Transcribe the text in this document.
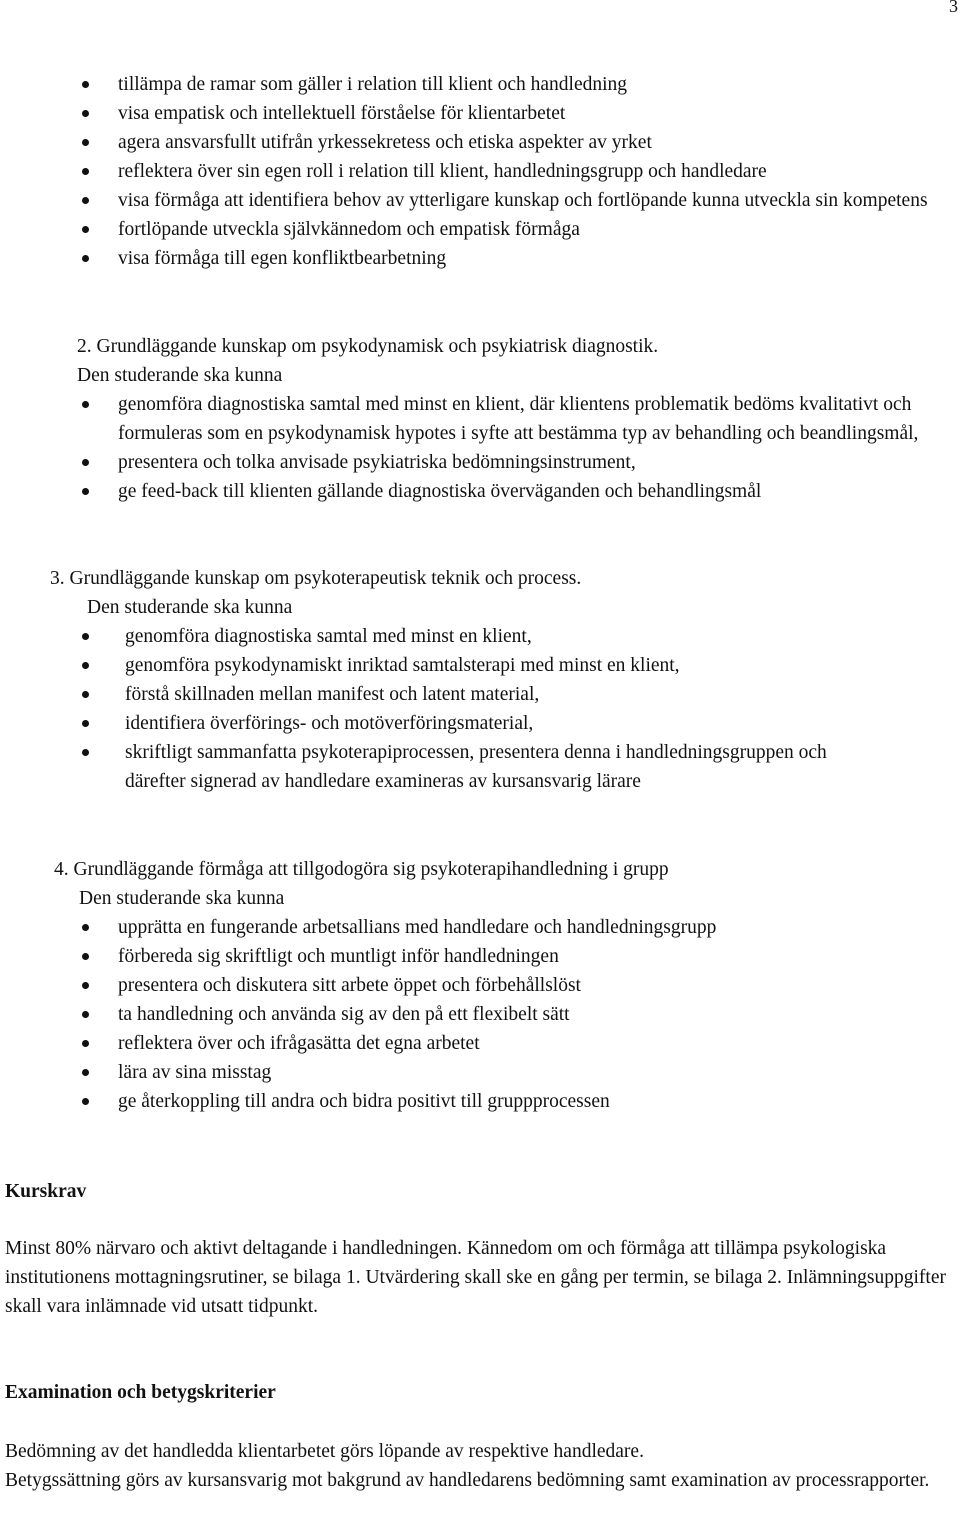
3
tillämpa de ramar som gäller i relation till klient och handledning
visa empatisk och intellektuell förståelse för klientarbetet
agera ansvarsfullt utifrån yrkessekretess och etiska aspekter av yrket
reflektera över sin egen roll i relation till klient, handledningsgrupp och handledare
visa förmåga att identifiera behov av ytterligare kunskap och fortlöpande kunna utveckla sin kompetens
fortlöpande utveckla självkännedom och empatisk förmåga
visa förmåga till egen konfliktbearbetning
2. Grundläggande kunskap om psykodynamisk och psykiatrisk diagnostik.
Den studerande ska kunna
genomföra diagnostiska samtal med minst en klient, där klientens problematik bedöms kvalitativt och formuleras som en psykodynamisk hypotes i syfte att bestämma typ av behandling och beandlingsmål,
presentera och tolka anvisade psykiatriska bedömningsinstrument,
ge feed-back till klienten gällande diagnostiska överväganden och behandlingsmål
3. Grundläggande kunskap om psykoterapeutisk teknik och process.
Den studerande ska kunna
genomföra diagnostiska samtal med minst en klient,
genomföra psykodynamiskt inriktad samtalsterapi med minst en klient,
förstå skillnaden mellan manifest och latent material,
identifiera överförings- och motöverföringsmaterial,
skriftligt sammanfatta psykoterapiprocessen, presentera denna i handledningsgruppen och därefter signerad av handledare examineras av kursansvarig lärare
4. Grundläggande förmåga att tillgodogöra sig psykoterapihandledning i grupp
Den studerande ska kunna
upprätta en fungerande arbetsallians med handledare och handledningsgrupp
förbereda sig skriftligt och muntligt inför handledningen
presentera och diskutera sitt arbete öppet och förbehållslöst
ta handledning och använda sig av den på ett flexibelt sätt
reflektera över och ifrågasätta det egna arbetet
lära av sina misstag
ge återkoppling till andra och bidra positivt till gruppprocessen
Kurskrav
Minst 80% närvaro och aktivt deltagande i handledningen. Kännedom om och förmåga att tillämpa psykologiska institutionens mottagningsrutiner, se bilaga 1. Utvärdering skall ske en gång per termin, se bilaga 2. Inlämningsuppgifter skall vara inlämnade vid utsatt tidpunkt.
Examination och betygskriterier
Bedömning av det handledda klientarbetet görs löpande av respektive handledare.
Betygssättning görs av kursansvarig mot bakgrund av handledarens bedömning samt examination av processrapporter.
